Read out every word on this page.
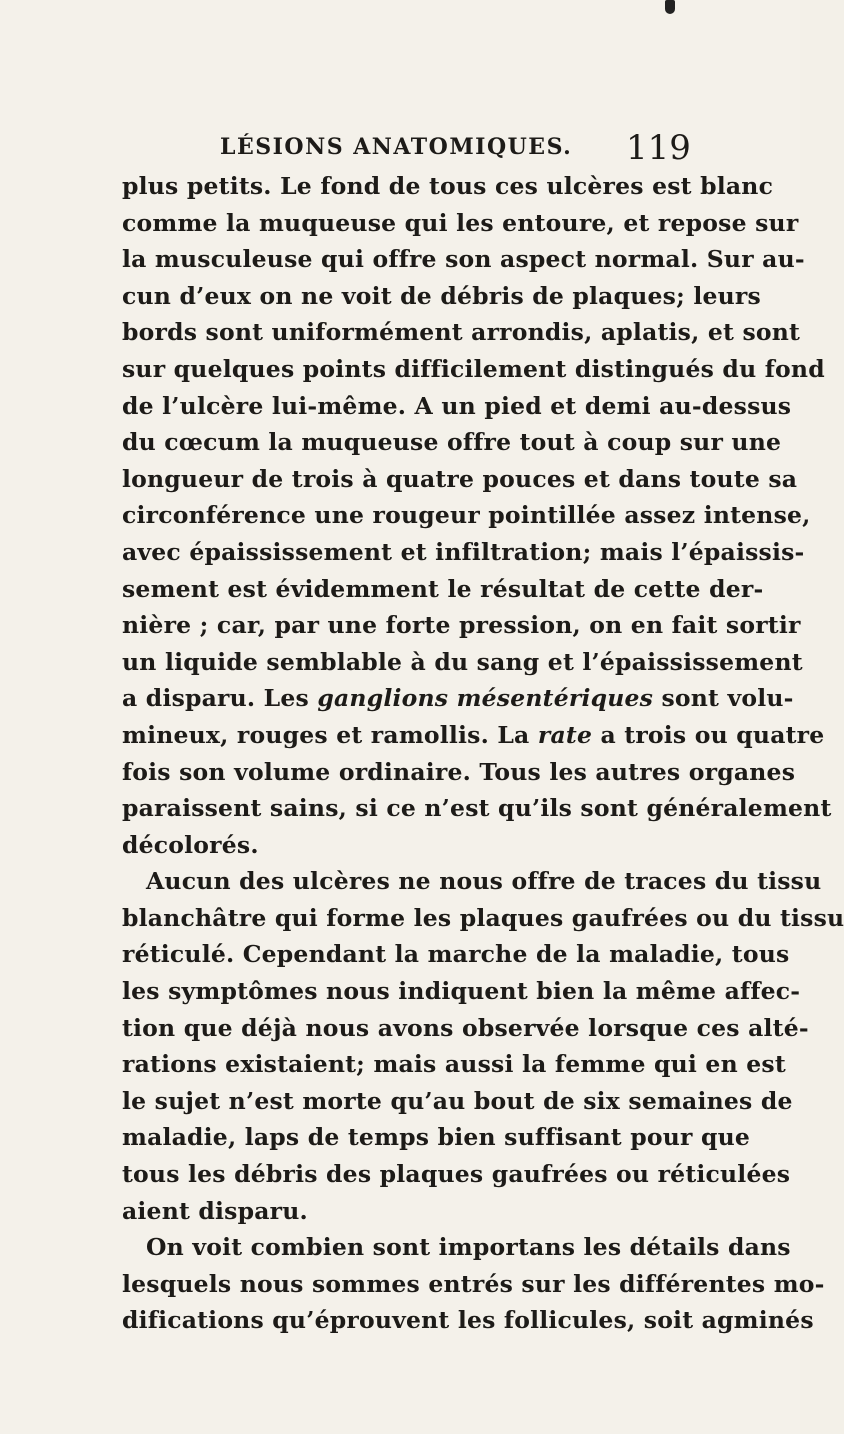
LÉSIONS ANATOMIQUES. 119
plus petits. Le fond de tous ces ulcères est blanc
comme la muqueuse qui les entoure, et repose sur
la musculeuse qui offre son aspect normal. Sur au-
cun d’eux on ne voit de débris de plaques; leurs
bords sont uniformément arrondis, aplatis, et sont
sur quelques points difficilement distingués du fond
de l’ulcère lui-même. A un pied et demi au-dessus
du cœcum la muqueuse offre tout à coup sur une
longueur de trois à quatre pouces et dans toute sa
circonférence une rougeur pointillée assez intense,
avec épaississement et infiltration; mais l’épaissis-
sement est évidemment le résultat de cette der-
nière ; car, par une forte pression, on en fait sortir
un liquide semblable à du sang et l’épaississement
a disparu. Les ganglions mésentériques sont volu-
mineux, rouges et ramollis. La rate a trois ou quatre
fois son volume ordinaire. Tous les autres organes
paraissent sains, si ce n’est qu’ils sont généralement
décolorés.
Aucun des ulcères ne nous offre de traces du tissu
blanchâtre qui forme les plaques gaufrées ou du tissu
réticulé. Cependant la marche de la maladie, tous
les symptômes nous indiquent bien la même affec-
tion que déjà nous avons observée lorsque ces alté-
rations existaient; mais aussi la femme qui en est
le sujet n’est morte qu’au bout de six semaines de
maladie, laps de temps bien suffisant pour que
tous les débris des plaques gaufrées ou réticulées
aient disparu.
On voit combien sont importans les détails dans
lesquels nous sommes entrés sur les différentes mo-
difications qu’éprouvent les follicules, soit agminés
